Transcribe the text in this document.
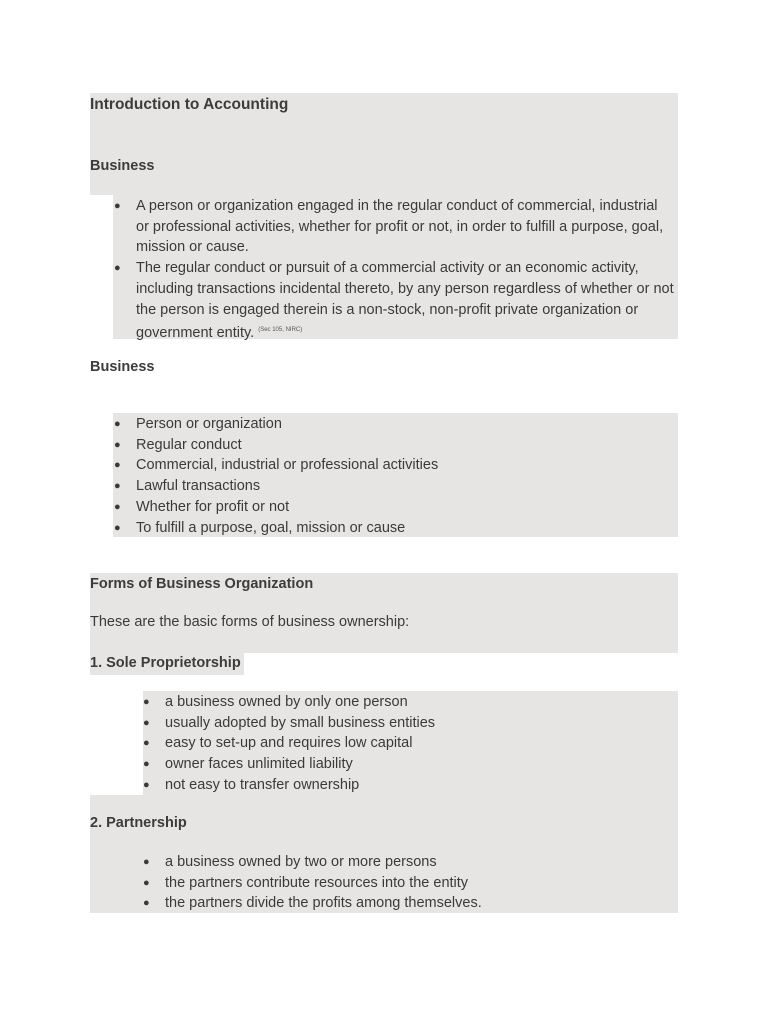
Introduction to Accounting
Business
● A person or organization engaged in the regular conduct of commercial, industrial or professional activities, whether for profit or not, in order to fulfill a purpose, goal, mission or cause.
● The regular conduct or pursuit of a commercial activity or an economic activity, including transactions incidental thereto, by any person regardless of whether or not the person is engaged therein is a non-stock, non-profit private organization or government entity. $^{(Sec 105, NIRC)}$
Business
● Person or organization
● Regular conduct
● Commercial, industrial or professional activities
● Lawful transactions
● Whether for profit or not
● To fulfill a purpose, goal, mission or cause
Forms of Business Organization
These are the basic forms of business ownership:
1. Sole Proprietorship
● a business owned by only one person
● usually adopted by small business entities
● easy to set-up and requires low capital
● owner faces unlimited liability
● not easy to transfer ownership
2. Partnership
● a business owned by two or more persons
● the partners contribute resources into the entity
● the partners divide the profits among themselves.
